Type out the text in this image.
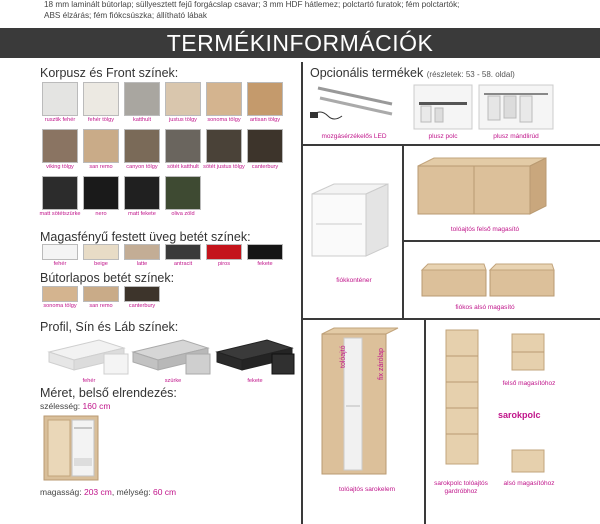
18 mm laminált bútorlap; süllyesztett fejű forgácslap csavar; 3 mm HDF hátlemez; polctartó furatok; fém polctartók; ABS élzárás; fém fiókcsúszka; állítható lábak
TERMÉKINFORMÁCIÓK
Korpusz és Front színek:
rusztik fehér	fehér tölgy	katthult	justus tölgy	sonoma tölgy	artisan tölgy
viking tölgy	san remo	canyon tölgy	sötét katthult sötét justus tölgy	canterbury
matt sötétszürke	nero	matt fekete	oliva zöld
Magasfényű festett üveg betét színek:
fehér	beige	latte	antracit	piros	fekete
Bútorlapos betét színek:
sonoma tölgy	san remo	canterbury
Profil, Sín és Láb színek:
fehér	szürke	fekete
Méret, belső elrendezés:
szélesség: 160 cm
magasság: 203 cm, mélység: 60 cm
Opcionális termékek (részletek: 53 - 58. oldal)
mozgásérzékelős LED	plusz polc	plusz mándlirúd
fiókkonténer
tolóajtós felső magasító
fiókos alsó magasító
tolóajtó	fix zárólap
tolóajtós sarokelem
sarokpolc tolóajtós gardróbhoz
felső magasítóhoz
sarokpolc
alsó magasítóhoz
